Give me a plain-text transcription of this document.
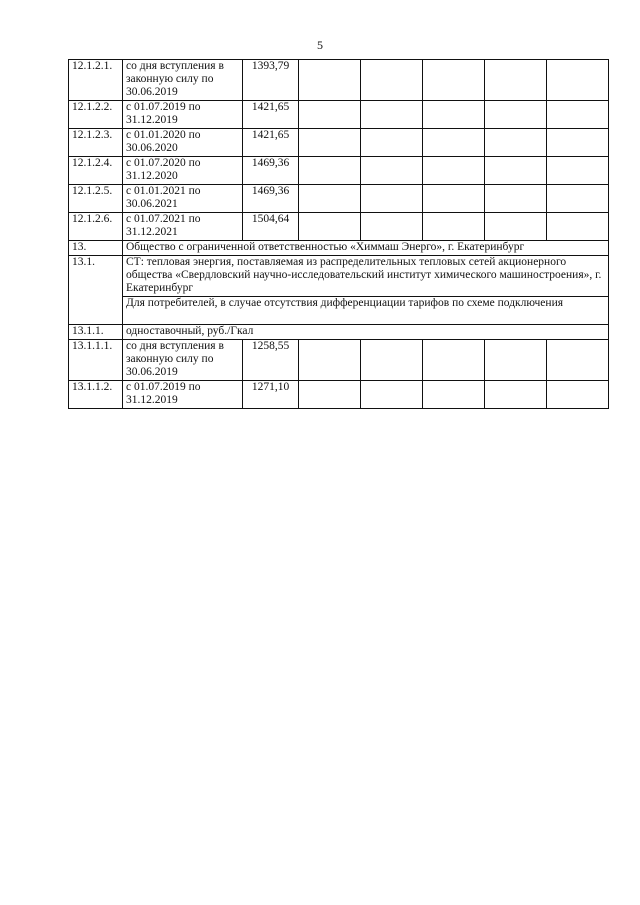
5
12.1.2.1.	со дня вступления в законную силу по 30.06.2019	1393,79					
12.1.2.2.	с 01.07.2019 по 31.12.2019	1421,65					
12.1.2.3.	с 01.01.2020 по 30.06.2020	1421,65					
12.1.2.4.	с 01.07.2020 по 31.12.2020	1469,36					
12.1.2.5.	с 01.01.2021 по 30.06.2021	1469,36					
12.1.2.6.	с 01.07.2021 по 31.12.2021	1504,64					
13.	Общество с ограниченной ответственностью «Химмаш Энерго», г. Екатеринбург						
13.1.	СТ: тепловая энергия, поставляемая из распределительных тепловых сетей акционерного общества «Свердловский научно-исследовательский институт химического машиностроения», г. Екатеринбург						
	Для потребителей, в случае отсутствия дифференциации тарифов по схеме подключения						
13.1.1.	одноставочный, руб./Гкал						
13.1.1.1.	со дня вступления в законную силу по 30.06.2019	1258,55					
13.1.1.2.	с 01.07.2019 по 31.12.2019	1271,10					
